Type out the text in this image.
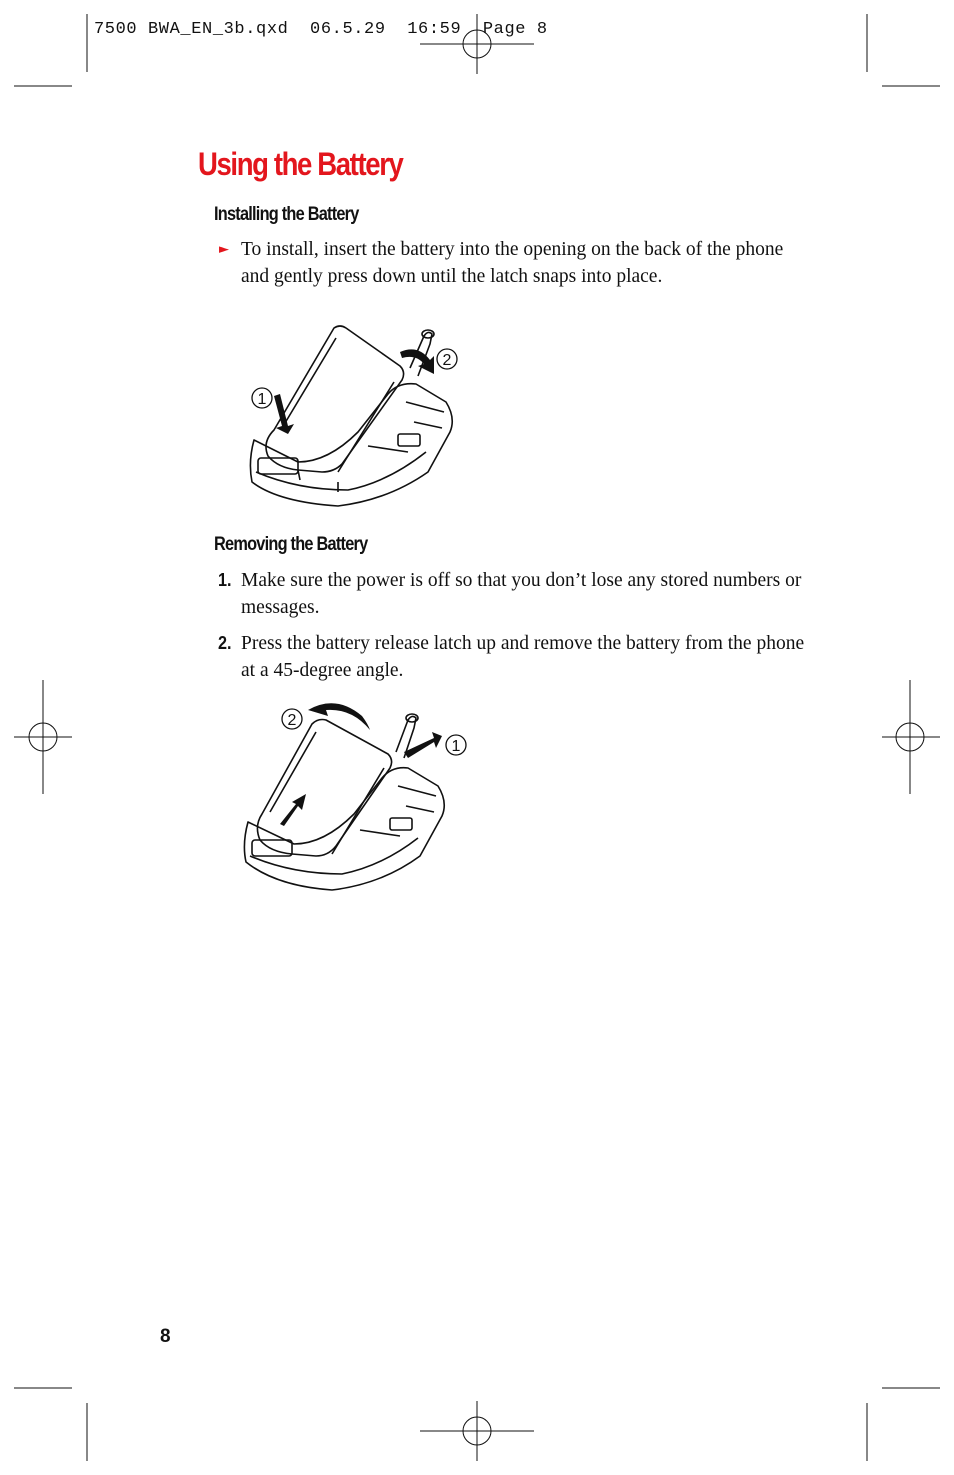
7500 BWA_EN_3b.qxd  06.5.29  16:59  Page 8
Using the Battery
Installing the Battery
► To install, insert the battery into the opening on the back of the phone and gently press down until the latch snaps into place.
1
2
Removing the Battery
1. Make sure the power is off so that you don’t lose any stored numbers or messages.
2. Press the battery release latch up and remove the battery from the phone at a 45-degree angle.
2
1
8
